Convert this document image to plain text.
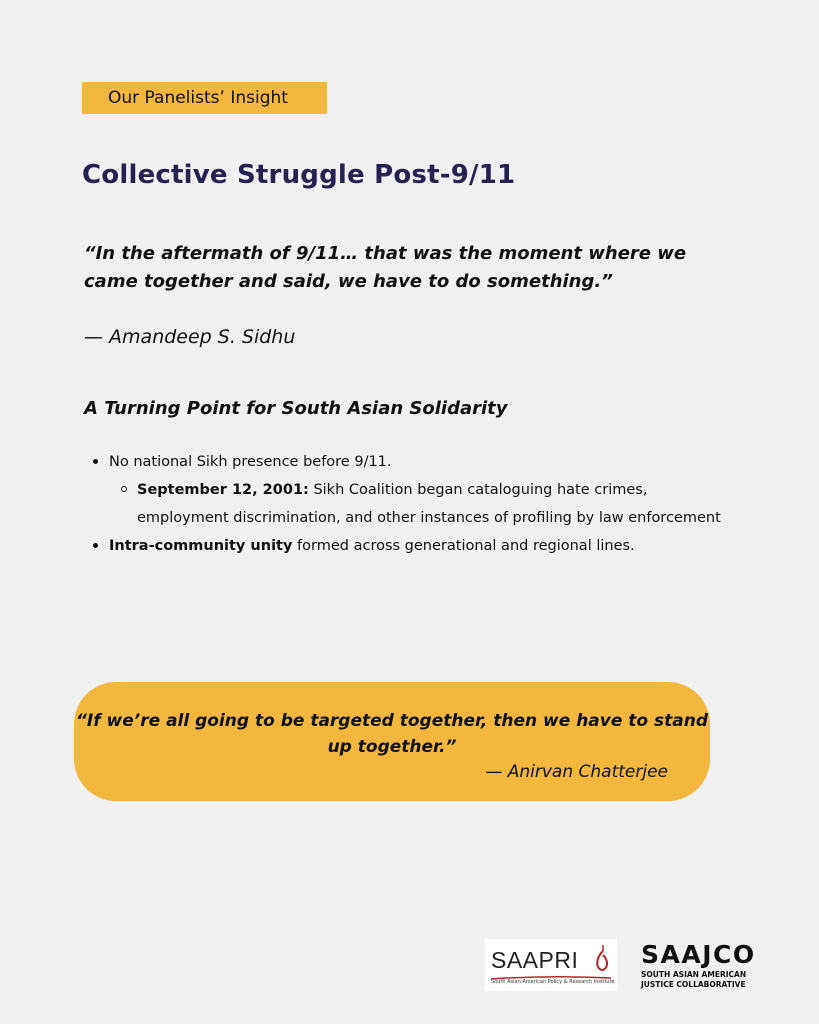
Our Panelists’ Insight
Collective Struggle Post-9/11

“In the aftermath of 9/11… that was the moment where we came together and said, we have to do something.”

— Amandeep S. Sidhu

A Turning Point for South Asian Solidarity
No national Sikh presence before 9/11.
September 12, 2001: Sikh Coalition began cataloguing hate crimes, employment discrimination, and other instances of profiling by law enforcement
Intra-community unity formed across generational and regional lines.

“If we’re all going to be targeted together, then we have to stand up together.”

— Anirvan Chatterjee

SAAPRI
South Asian American Policy & Research Institute
SAAJCO
SOUTH ASIAN AMERICAN
JUSTICE COLLABORATIVE
